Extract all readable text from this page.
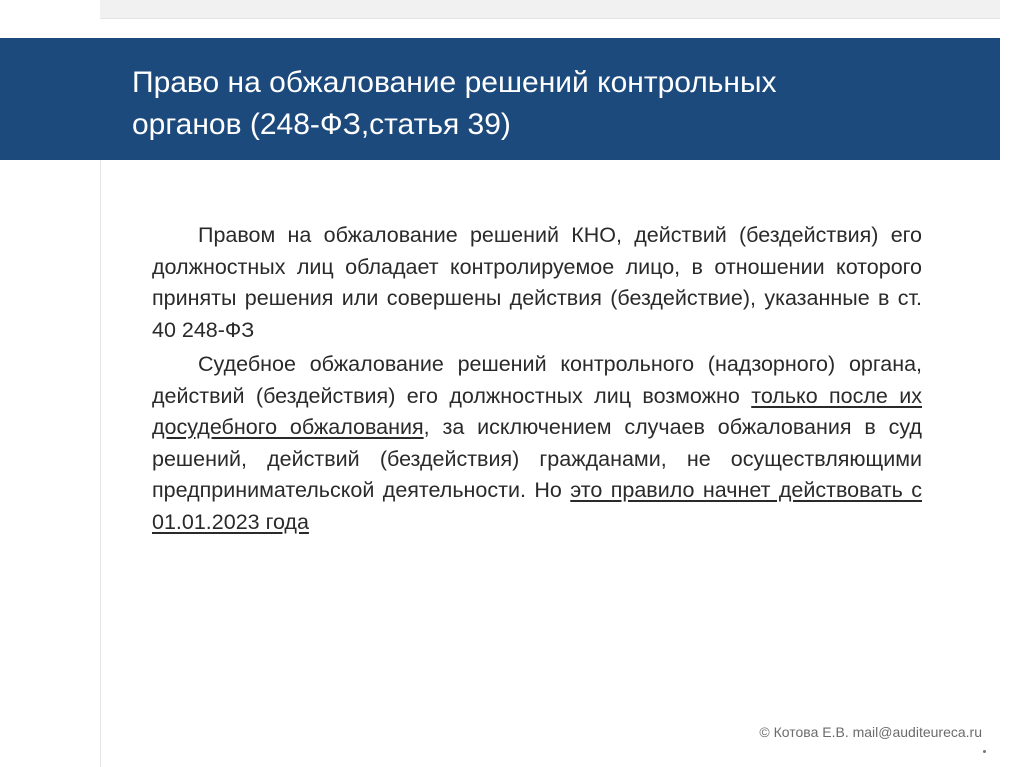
Право на обжалование решений контрольных
органов (248-ФЗ,статья 39)

Правом на обжалование решений КНО, действий (бездействия) его должностных лиц обладает контролируемое лицо, в отношении которого приняты решения или совершены действия (бездействие), указанные в ст. 40 248-ФЗ

Судебное обжалование решений контрольного (надзорного) органа, действий (бездействия) его должностных лиц возможно только после их досудебного обжалования, за исключением случаев обжалования в суд решений, действий (бездействия) гражданами, не осуществляющими предпринимательской деятельности. Но это правило начнет действовать с 01.01.2023 года

© Котова Е.В. mail@auditeureca.ru
